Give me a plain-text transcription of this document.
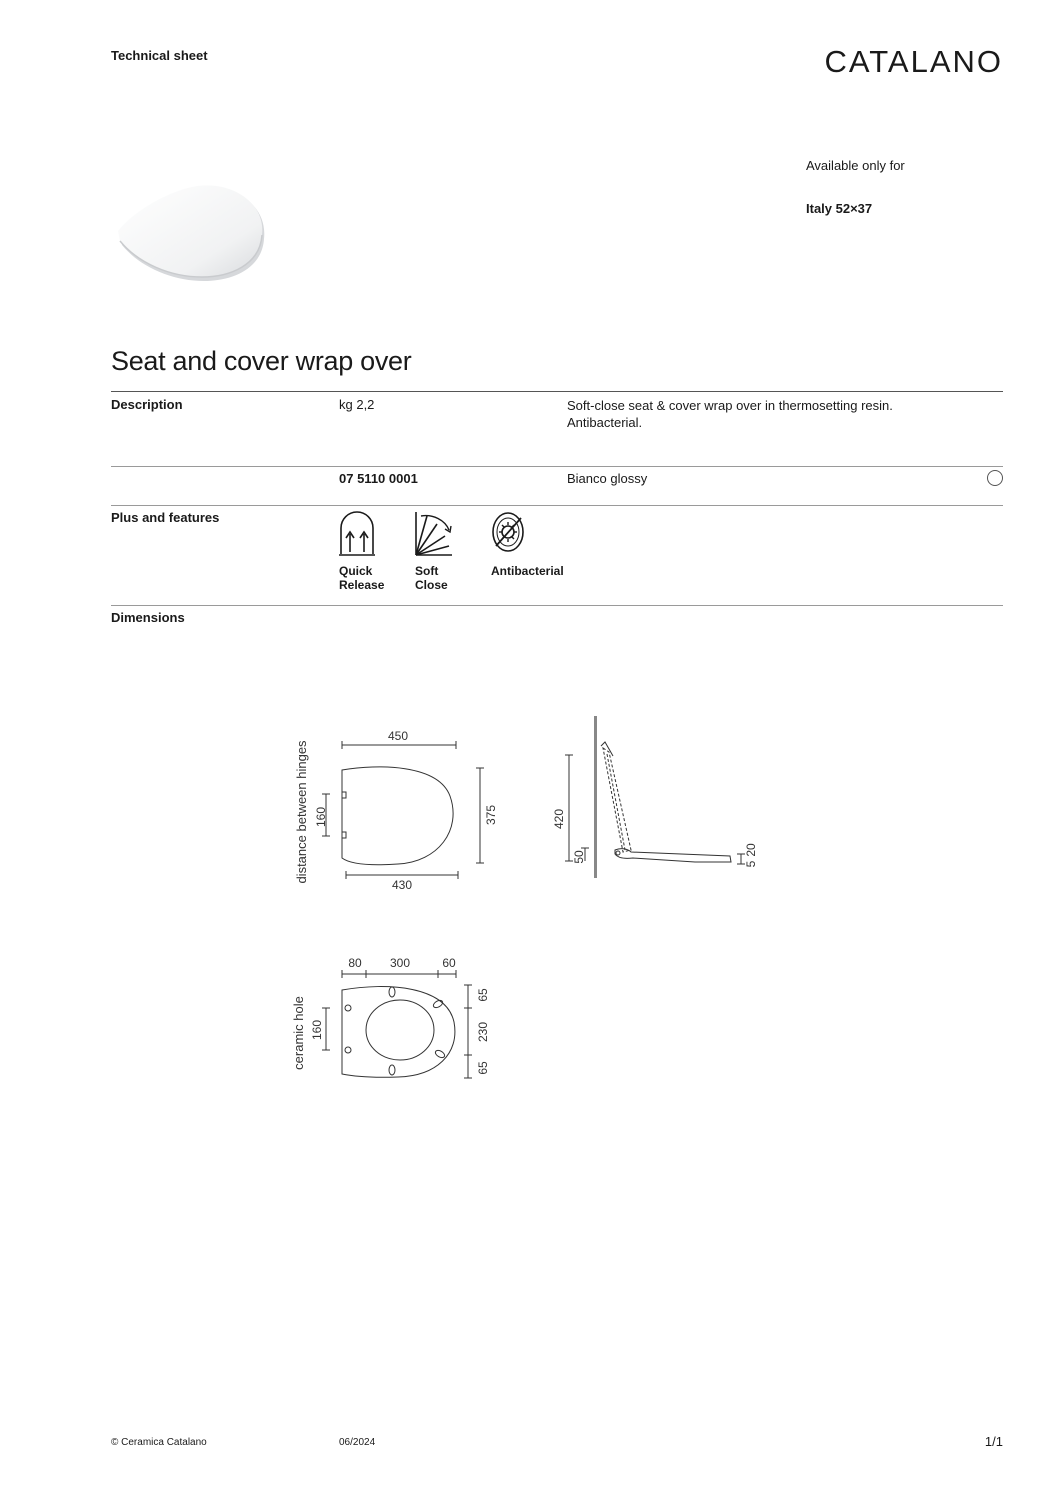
Technical sheet	CATALANO
Available only for
Italy 52×37
Seat and cover wrap over
Description	kg 2,2	Soft-close seat & cover wrap over in thermosetting resin.
Antibacterial.
07 5110 0001	Bianco glossy
Plus and features
Quick
Release
Soft
Close
Antibacterial
Dimensions
450
430
375
160
distance between hinges	420
50
5
20
80 300	60
65
230
65
160
ceramic hole
© Ceramica Catalano	06/2024	1/1
